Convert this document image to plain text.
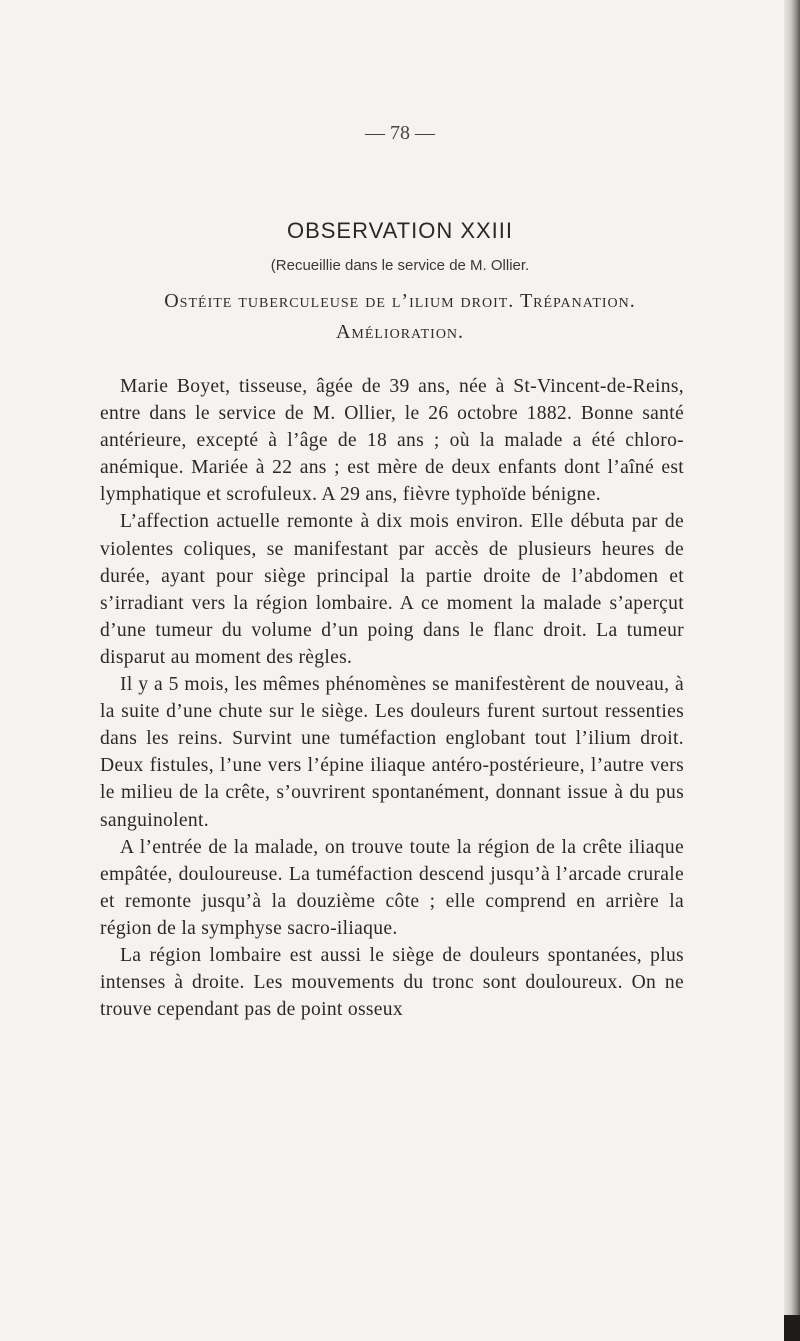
— 78 —
OBSERVATION XXIII
(Recueillie dans le service de M. Ollier.
Ostéite tuberculeuse de l’ilium droit. Trépanation.
Amélioration.

Marie Boyet, tisseuse, âgée de 39 ans, née à St-Vincent-de-Reins, entre dans le service de M. Ollier, le 26 octobre 1882. Bonne santé antérieure, excepté à l’âge de 18 ans ; où la malade a été chloro-anémique. Mariée à 22 ans ; est mère de deux enfants dont l’aîné est lymphatique et scrofuleux. A 29 ans, fièvre typhoïde bénigne.

L’affection actuelle remonte à dix mois environ. Elle débuta par de violentes coliques, se manifestant par accès de plusieurs heures de durée, ayant pour siège principal la partie droite de l’abdomen et s’irradiant vers la région lombaire. A ce moment la malade s’aperçut d’une tumeur du volume d’un poing dans le flanc droit. La tumeur disparut au moment des règles.

Il y a 5 mois, les mêmes phénomènes se manifestèrent de nouveau, à la suite d’une chute sur le siège. Les douleurs furent surtout ressenties dans les reins. Survint une tuméfaction englobant tout l’ilium droit. Deux fistules, l’une vers l’épine iliaque antéro-postérieure, l’autre vers le milieu de la crête, s’ouvrirent spontanément, donnant issue à du pus sanguinolent.

A l’entrée de la malade, on trouve toute la région de la crête iliaque empâtée, douloureuse. La tuméfaction descend jusqu’à l’arcade crurale et remonte jusqu’à la douzième côte ; elle comprend en arrière la région de la symphyse sacro-iliaque.

La région lombaire est aussi le siège de douleurs spontanées, plus intenses à droite. Les mouvements du tronc sont douloureux. On ne trouve cependant pas de point osseux
